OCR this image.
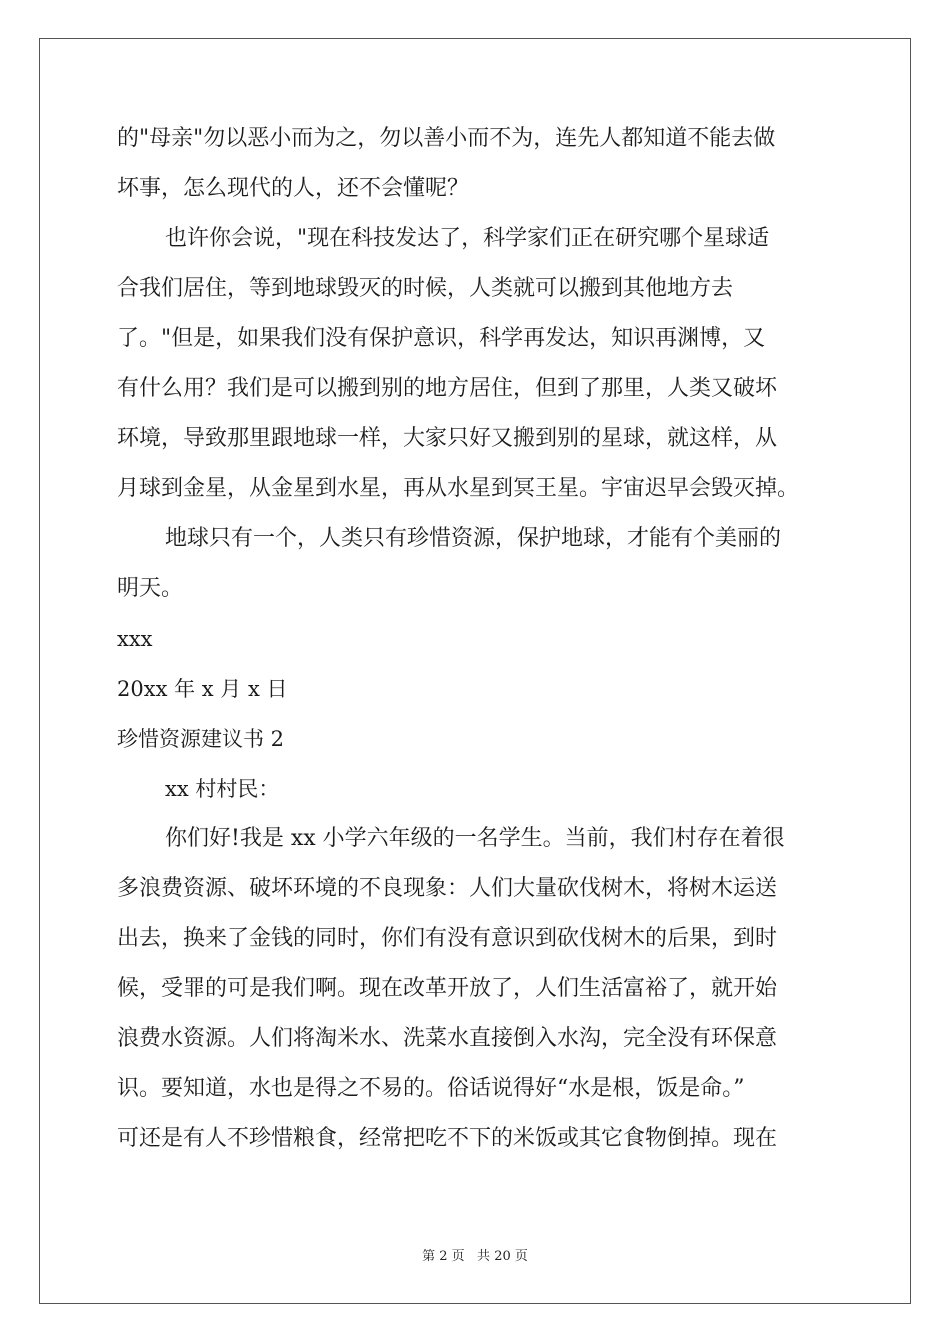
的"母亲"勿以恶小而为之，勿以善小而不为，连先人都知道不能去做
坏事，怎么现代的人，还不会懂呢？
也许你会说，"现在科技发达了，科学家们正在研究哪个星球适
合我们居住，等到地球毁灭的时候，人类就可以搬到其他地方去
了。"但是，如果我们没有保护意识，科学再发达，知识再渊博，又
有什么用？我们是可以搬到别的地方居住，但到了那里，人类又破坏
环境，导致那里跟地球一样，大家只好又搬到别的星球，就这样，从
月球到金星，从金星到水星，再从水星到冥王星。宇宙迟早会毁灭掉。
地球只有一个，人类只有珍惜资源，保护地球，才能有个美丽的
明天。
xxx
20xx 年 x 月 x 日
珍惜资源建议书 2
xx 村村民：
你们好!我是 xx 小学六年级的一名学生。当前，我们村存在着很
多浪费资源、破坏环境的不良现象：人们大量砍伐树木，将树木运送
出去，换来了金钱的同时，你们有没有意识到砍伐树木的后果，到时
候，受罪的可是我们啊。现在改革开放了，人们生活富裕了，就开始
浪费水资源。人们将淘米水、洗菜水直接倒入水沟，完全没有环保意
识。要知道，水也是得之不易的。俗话说得好“水是根，饭是命。”
可还是有人不珍惜粮食，经常把吃不下的米饭或其它食物倒掉。现在
第 2 页   共 20 页
